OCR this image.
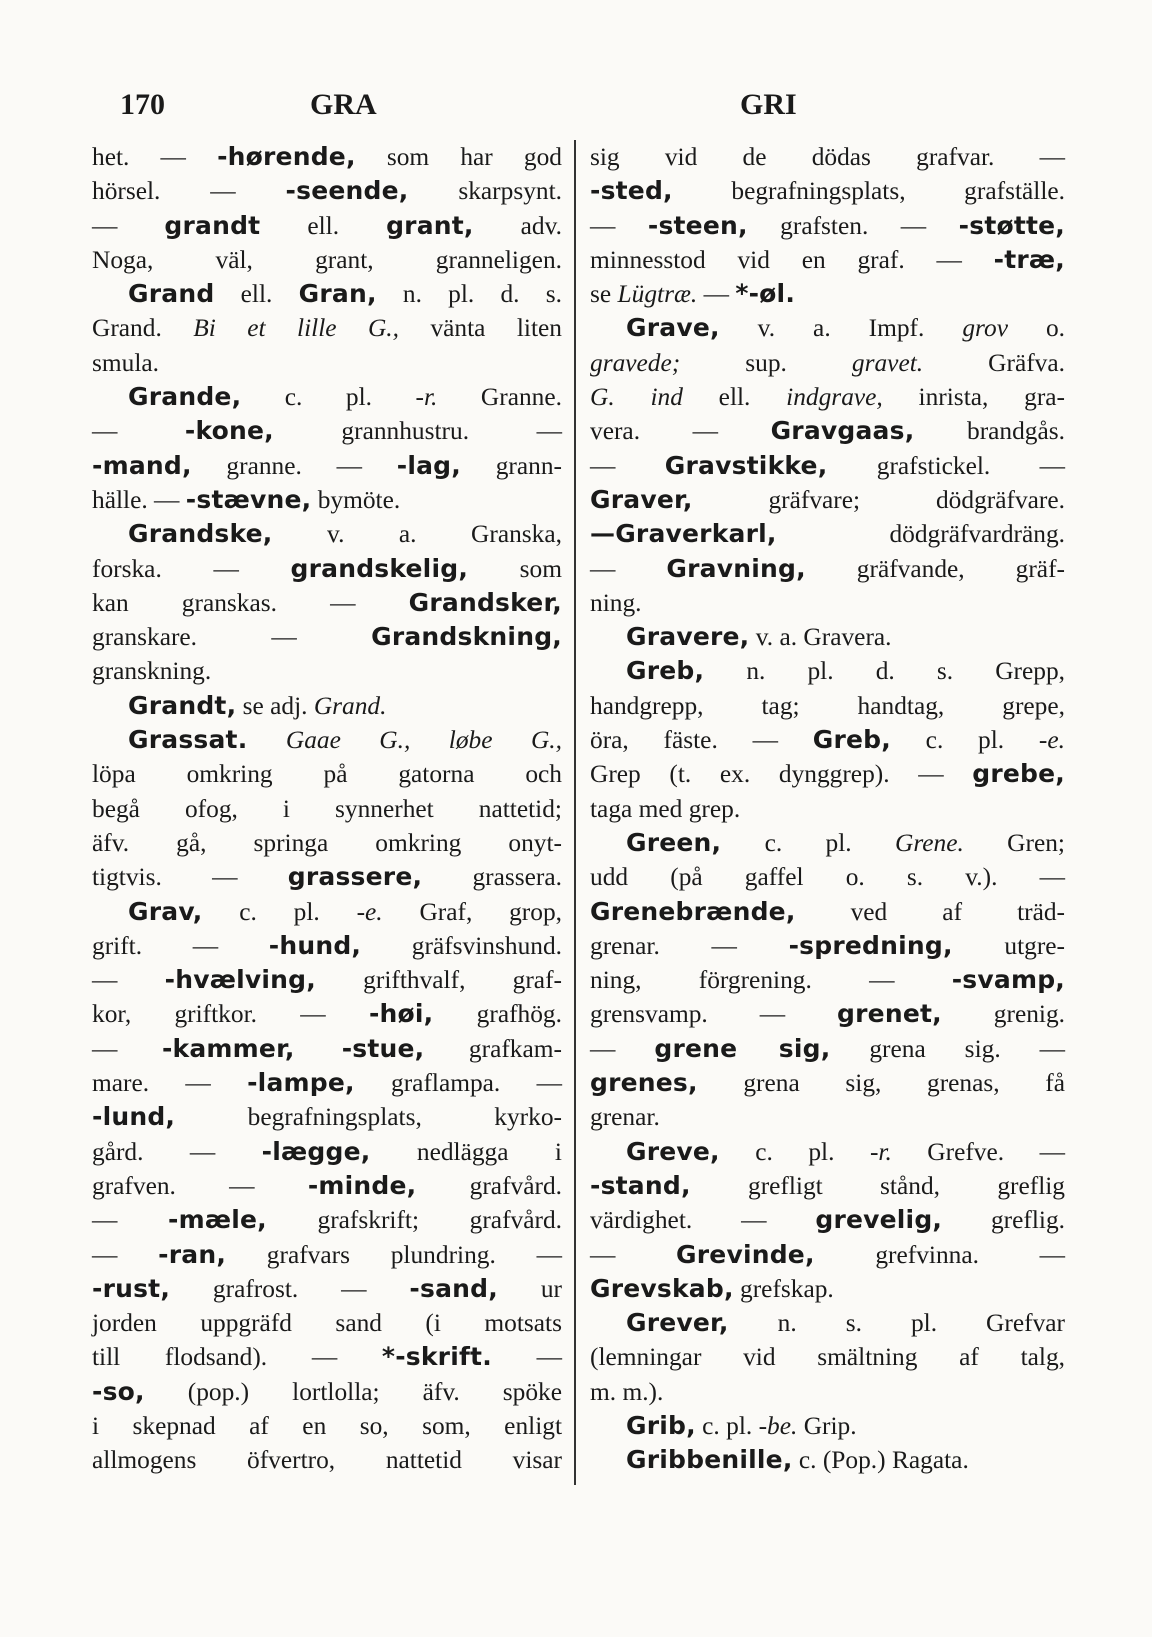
170	GRA	GRI
het. — -hørende, som har god
hörsel. — -seende, skarpsynt.
— grandt ell. grant, adv.
Noga, väl, grant, granneligen.
Grand ell. Gran, n. pl. d. s.
Grand. Bi et lille G., vänta liten
smula.
Grande, c. pl. -r. Granne.
— -kone, grannhustru. —
-mand, granne. — -lag, grann-
hälle. — -stævne, bymöte.
Grandske, v. a. Granska,
forska. — grandskelig, som
kan granskas. — Grandsker,
granskare. — Grandskning,
granskning.
Grandt, se adj. Grand.
Grassat. Gaae G., løbe G.,
löpa omkring på gatorna och
begå ofog, i synnerhet nattetid;
äfv. gå, springa omkring onyt-
tigtvis. — grassere, grassera.
Grav, c. pl. -e. Graf, grop,
grift. — -hund, gräfsvinshund.
— -hvælving, grifthvalf, graf-
kor, griftkor. — -høi, grafhög.
— -kammer, -stue, grafkam-
mare. — -lampe, graflampa. —
-lund, begrafningsplats, kyrko-
gård. — -lægge, nedlägga i
grafven. — -minde, grafvård.
— -mæle, grafskrift; grafvård.
— -ran, grafvars plundring. —
-rust, grafrost. — -sand, ur
jorden uppgräfd sand (i motsats
till flodsand). — *-skrift. —
-so, (pop.) lortlolla; äfv. spöke
i skepnad af en so, som, enligt
allmogens öfvertro, nattetid visar
sig vid de dödas grafvar. —
-sted, begrafningsplats, grafställe.
— -steen, grafsten. — -støtte,
minnesstod vid en graf. — -træ,
se Lügtræ. — *-øl.
Grave, v. a. Impf. grov o.
gravede; sup. gravet. Gräfva.
G. ind ell. indgrave, inrista, gra-
vera. — Gravgaas, brandgås.
— Gravstikke, grafstickel. —
Graver, gräfvare; dödgräfvare.
—Graverkarl, dödgräfvardräng.
— Gravning, gräfvande, gräf-
ning.
Gravere, v. a. Gravera.
Greb, n. pl. d. s. Grepp,
handgrepp, tag; handtag, grepe,
öra, fäste. — Greb, c. pl. -e.
Grep (t. ex. dynggrep). — grebe,
taga med grep.
Green, c. pl. Grene. Gren;
udd (på gaffel o. s. v.). —
Grenebrænde, ved af träd-
grenar. — -spredning, utgre-
ning, förgrening. — -svamp,
grensvamp. — grenet, grenig.
— grene sig, grena sig. —
grenes, grena sig, grenas, få
grenar.
Greve, c. pl. -r. Grefve. —
-stand, grefligt stånd, greflig
värdighet. — grevelig, greflig.
— Grevinde, grefvinna. —
Grevskab, grefskap.
Grever, n. s. pl. Grefvar
(lemningar vid smältning af talg,
m. m.).
Grib, c. pl. -be. Grip.
Gribbenille, c. (Pop.) Ragata.
